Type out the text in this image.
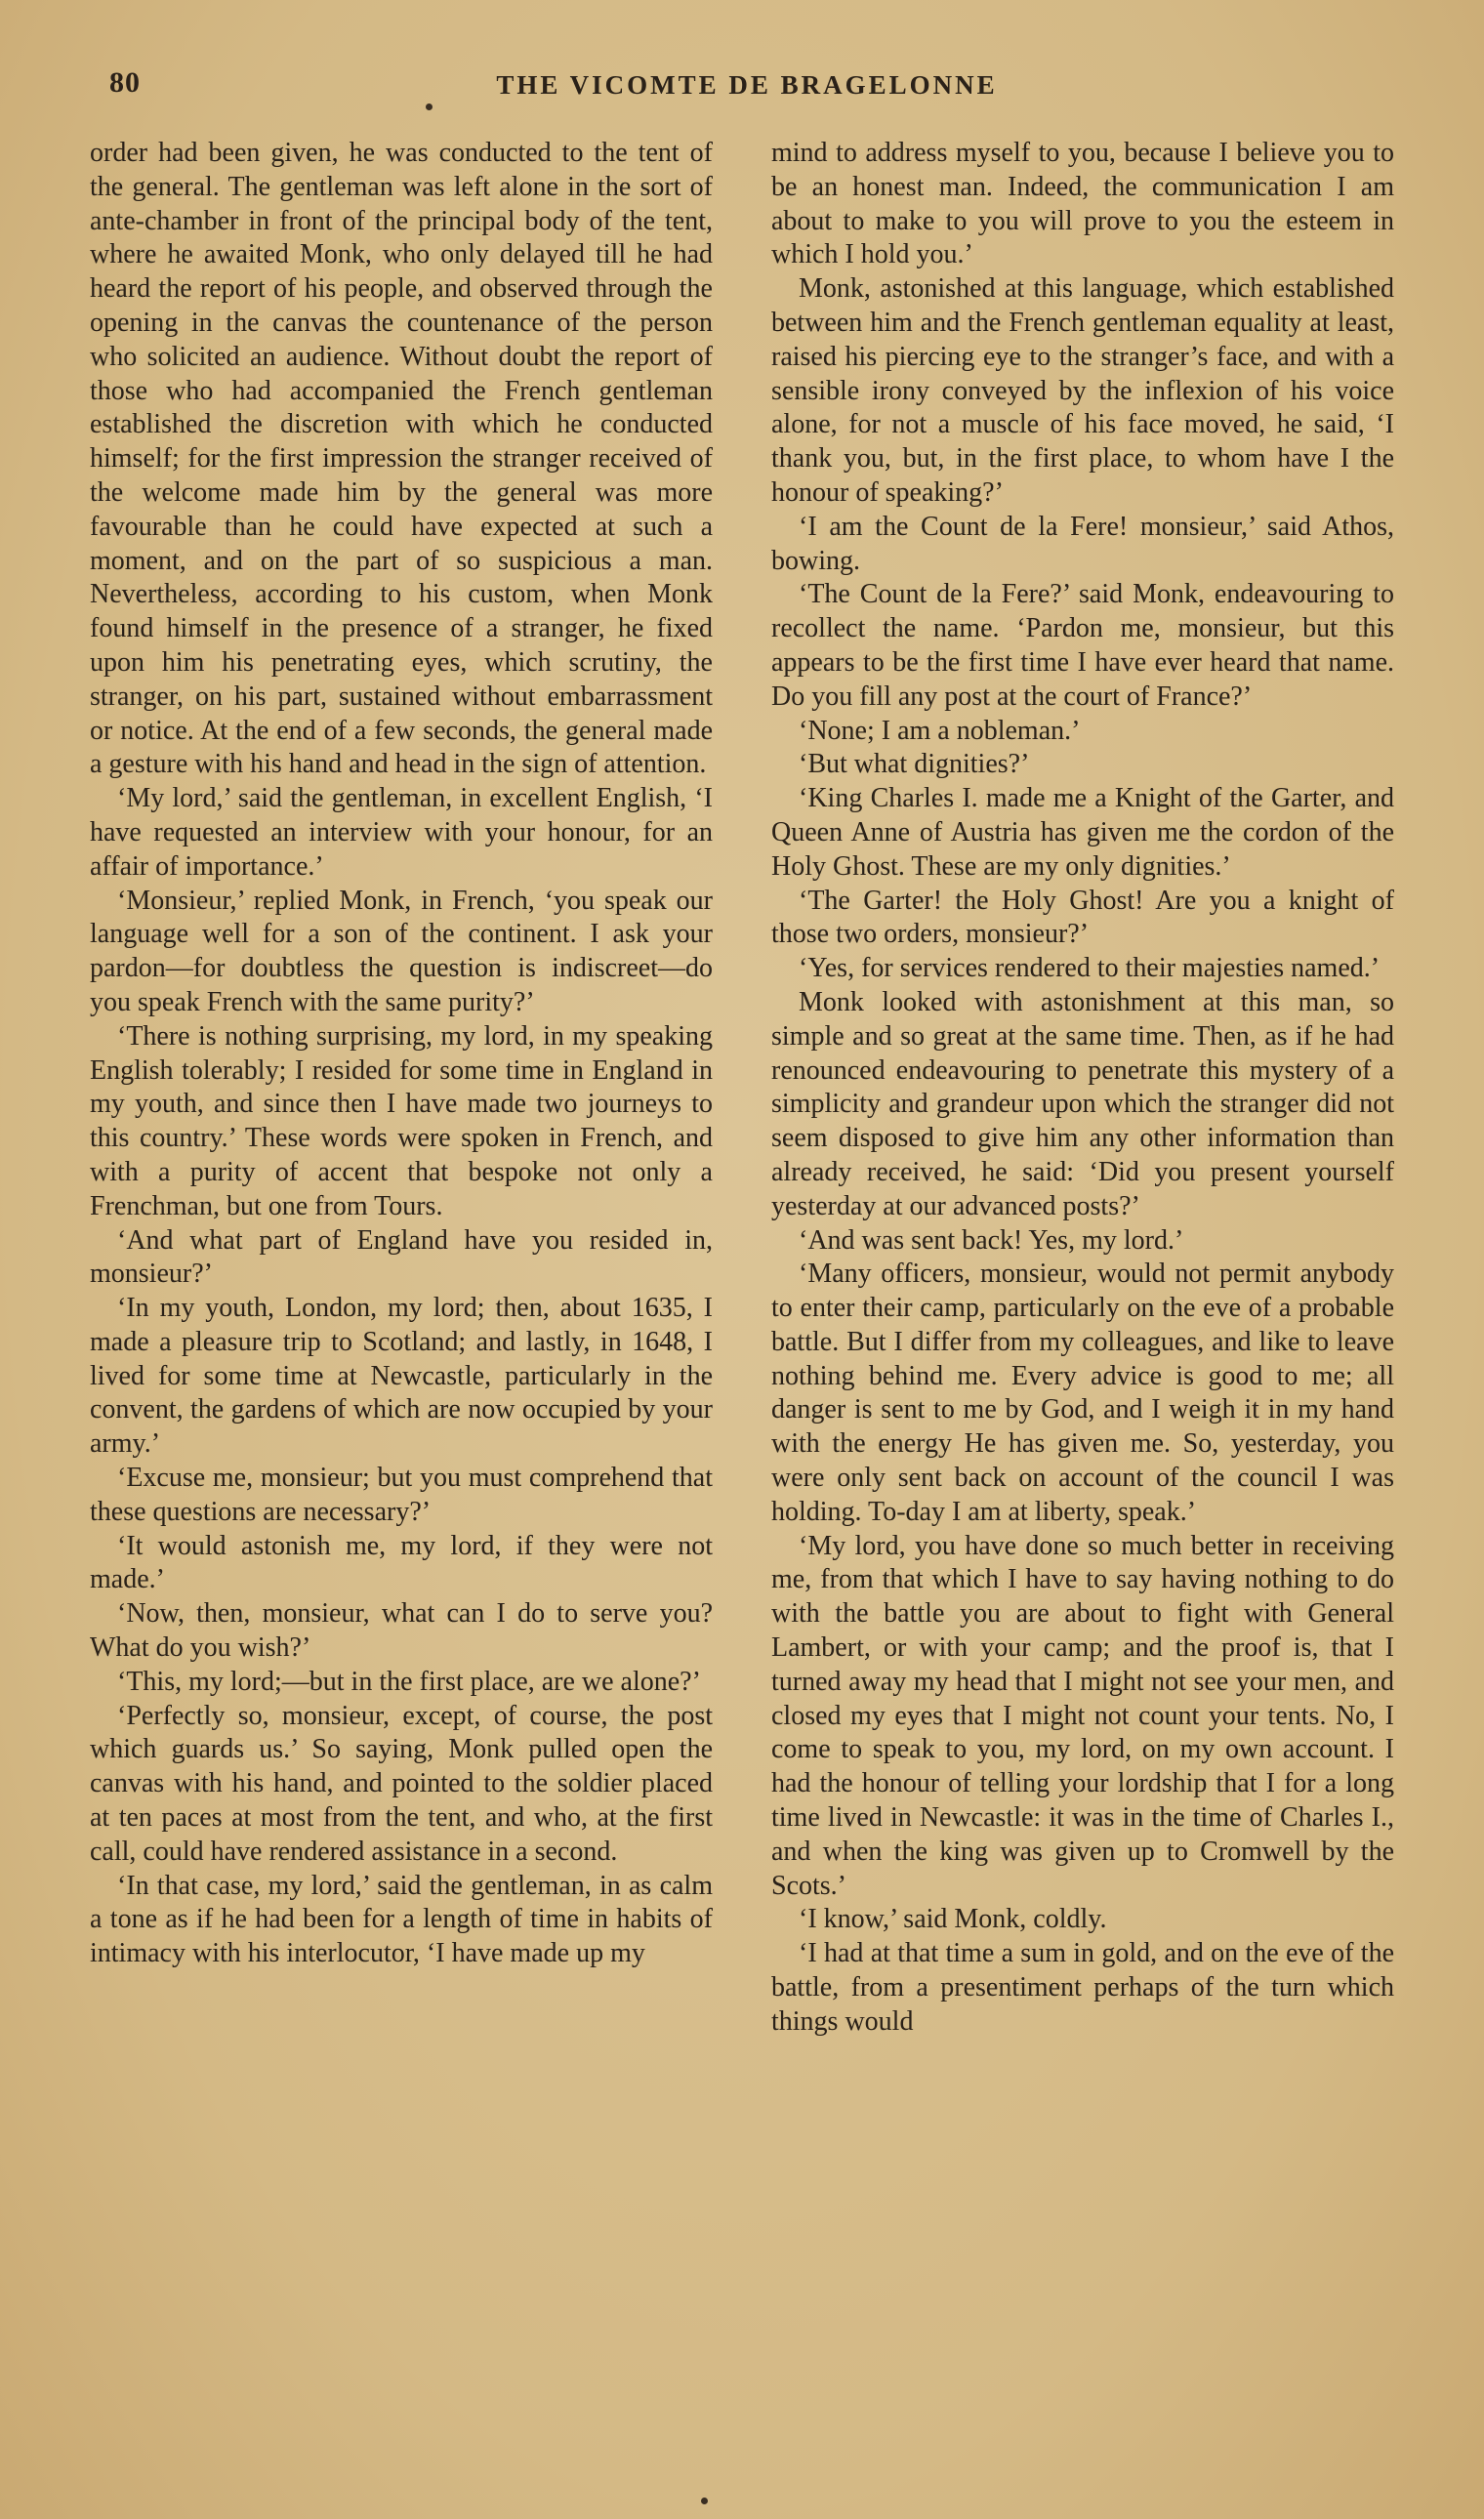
80	THE VICOMTE DE BRAGELONNE

order had been given, he was conducted to the tent of the general. The gentleman was left alone in the sort of ante-chamber in front of the principal body of the tent, where he awaited Monk, who only delayed till he had heard the report of his people, and observed through the opening in the canvas the countenance of the person who solicited an audience. Without doubt the report of those who had accompanied the French gentleman established the discretion with which he conducted himself; for the first impression the stranger received of the welcome made him by the general was more favourable than he could have expected at such a moment, and on the part of so suspicious a man. Nevertheless, according to his custom, when Monk found himself in the presence of a stranger, he fixed upon him his penetrating eyes, which scrutiny, the stranger, on his part, sustained without embarrassment or notice. At the end of a few seconds, the general made a gesture with his hand and head in the sign of attention.

‘My lord,’ said the gentleman, in excellent English, ‘I have requested an interview with your honour, for an affair of importance.’

‘Monsieur,’ replied Monk, in French, ‘you speak our language well for a son of the continent. I ask your pardon—for doubtless the question is indiscreet—do you speak French with the same purity?’

‘There is nothing surprising, my lord, in my speaking English tolerably; I resided for some time in England in my youth, and since then I have made two journeys to this country.’ These words were spoken in French, and with a purity of accent that bespoke not only a Frenchman, but one from Tours.

‘And what part of England have you resided in, monsieur?’

‘In my youth, London, my lord; then, about 1635, I made a pleasure trip to Scotland; and lastly, in 1648, I lived for some time at Newcastle, particularly in the convent, the gardens of which are now occupied by your army.’

‘Excuse me, monsieur; but you must comprehend that these questions are necessary?’

‘It would astonish me, my lord, if they were not made.’

‘Now, then, monsieur, what can I do to serve you? What do you wish?’

‘This, my lord;—but in the first place, are we alone?’

‘Perfectly so, monsieur, except, of course, the post which guards us.’ So saying, Monk pulled open the canvas with his hand, and pointed to the soldier placed at ten paces at most from the tent, and who, at the first call, could have rendered assistance in a second.

‘In that case, my lord,’ said the gentleman, in as calm a tone as if he had been for a length of time in habits of intimacy with his interlocutor, ‘I have made up my

mind to address myself to you, because I believe you to be an honest man. Indeed, the communication I am about to make to you will prove to you the esteem in which I hold you.’

Monk, astonished at this language, which established between him and the French gentleman equality at least, raised his piercing eye to the stranger’s face, and with a sensible irony conveyed by the inflexion of his voice alone, for not a muscle of his face moved, he said, ‘I thank you, but, in the first place, to whom have I the honour of speaking?’

‘I am the Count de la Fere! monsieur,’ said Athos, bowing.

‘The Count de la Fere?’ said Monk, endeavouring to recollect the name. ‘Pardon me, monsieur, but this appears to be the first time I have ever heard that name. Do you fill any post at the court of France?’

‘None; I am a nobleman.’

‘But what dignities?’

‘King Charles I. made me a Knight of the Garter, and Queen Anne of Austria has given me the cordon of the Holy Ghost. These are my only dignities.’

‘The Garter! the Holy Ghost! Are you a knight of those two orders, monsieur?’

‘Yes, for services rendered to their majesties named.’

Monk looked with astonishment at this man, so simple and so great at the same time. Then, as if he had renounced endeavouring to penetrate this mystery of a simplicity and grandeur upon which the stranger did not seem disposed to give him any other information than already received, he said: ‘Did you present yourself yesterday at our advanced posts?’

‘And was sent back! Yes, my lord.’

‘Many officers, monsieur, would not permit anybody to enter their camp, particularly on the eve of a probable battle. But I differ from my colleagues, and like to leave nothing behind me. Every advice is good to me; all danger is sent to me by God, and I weigh it in my hand with the energy He has given me. So, yesterday, you were only sent back on account of the council I was holding. To-day I am at liberty, speak.’

‘My lord, you have done so much better in receiving me, from that which I have to say having nothing to do with the battle you are about to fight with General Lambert, or with your camp; and the proof is, that I turned away my head that I might not see your men, and closed my eyes that I might not count your tents. No, I come to speak to you, my lord, on my own account. I had the honour of telling your lordship that I for a long time lived in Newcastle: it was in the time of Charles I., and when the king was given up to Cromwell by the Scots.’

‘I know,’ said Monk, coldly.

‘I had at that time a sum in gold, and on the eve of the battle, from a presentiment perhaps of the turn which things would
